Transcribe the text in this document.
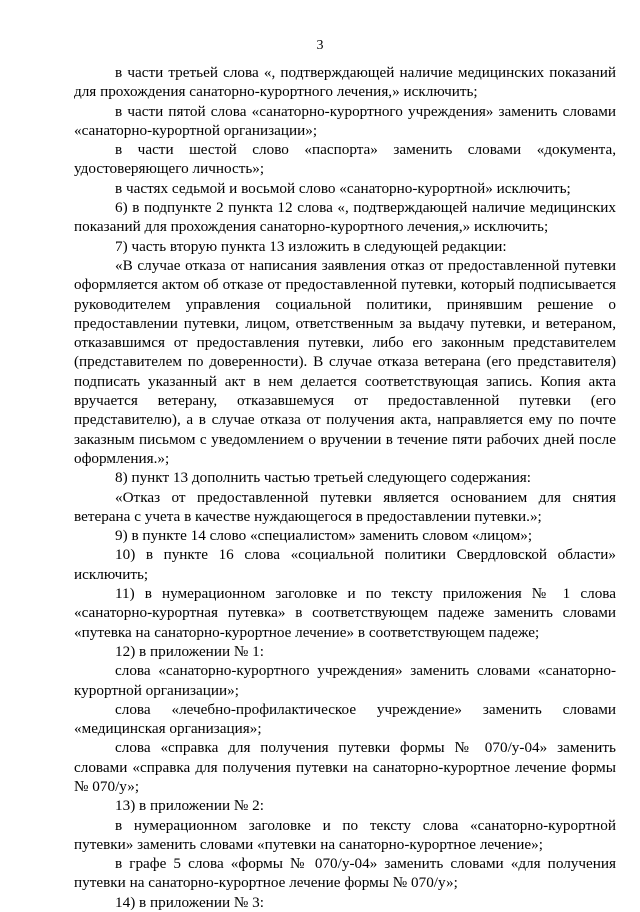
3

в части третьей слова «, подтверждающей наличие медицинских показаний для прохождения санаторно-курортного лечения,» исключить;

в части пятой слова «санаторно-курортного учреждения» заменить словами «санаторно-курортной организации»;

в части шестой слово «паспорта» заменить словами «документа, удостоверяющего личность»;

в частях седьмой и восьмой слово «санаторно-курортной» исключить;

6) в подпункте 2 пункта 12 слова «, подтверждающей наличие медицинских показаний для прохождения санаторно-курортного лечения,» исключить;

7) часть вторую пункта 13 изложить в следующей редакции:

«В случае отказа от написания заявления отказ от предоставленной путевки оформляется актом об отказе от предоставленной путевки, который подписывается руководителем управления социальной политики, принявшим решение о предоставлении путевки, лицом, ответственным за выдачу путевки, и ветераном, отказавшимся от предоставления путевки, либо его законным представителем (представителем по доверенности). В случае отказа ветерана (его представителя) подписать указанный акт в нем делается соответствующая запись. Копия акта вручается ветерану, отказавшемуся от предоставленной путевки (его представителю), а в случае отказа от получения акта, направляется ему по почте заказным письмом с уведомлением о вручении в течение пяти рабочих дней после оформления.»;

8) пункт 13 дополнить частью третьей следующего содержания:

«Отказ от предоставленной путевки является основанием для снятия ветерана с учета в качестве нуждающегося в предоставлении путевки.»;

9) в пункте 14 слово «специалистом» заменить словом «лицом»;

10) в пункте 16 слова «социальной политики Свердловской области» исключить;

11) в нумерационном заголовке и по тексту приложения № 1 слова «санаторно-курортная путевка» в соответствующем падеже заменить словами «путевка на санаторно-курортное лечение» в соответствующем падеже;

12) в приложении № 1:

слова «санаторно-курортного учреждения» заменить словами «санаторно-курортной организации»;

слова «лечебно-профилактическое учреждение» заменить словами «медицинская организация»;

слова «справка для получения путевки формы № 070/у-04» заменить словами «справка для получения путевки на санаторно-курортное лечение формы № 070/у»;

13) в приложении № 2:

в нумерационном заголовке и по тексту слова «санаторно-курортной путевки» заменить словами «путевки на санаторно-курортное лечение»;

в графе 5 слова «формы № 070/у-04» заменить словами «для получения путевки на санаторно-курортное лечение формы № 070/у»;

14) в приложении № 3:
